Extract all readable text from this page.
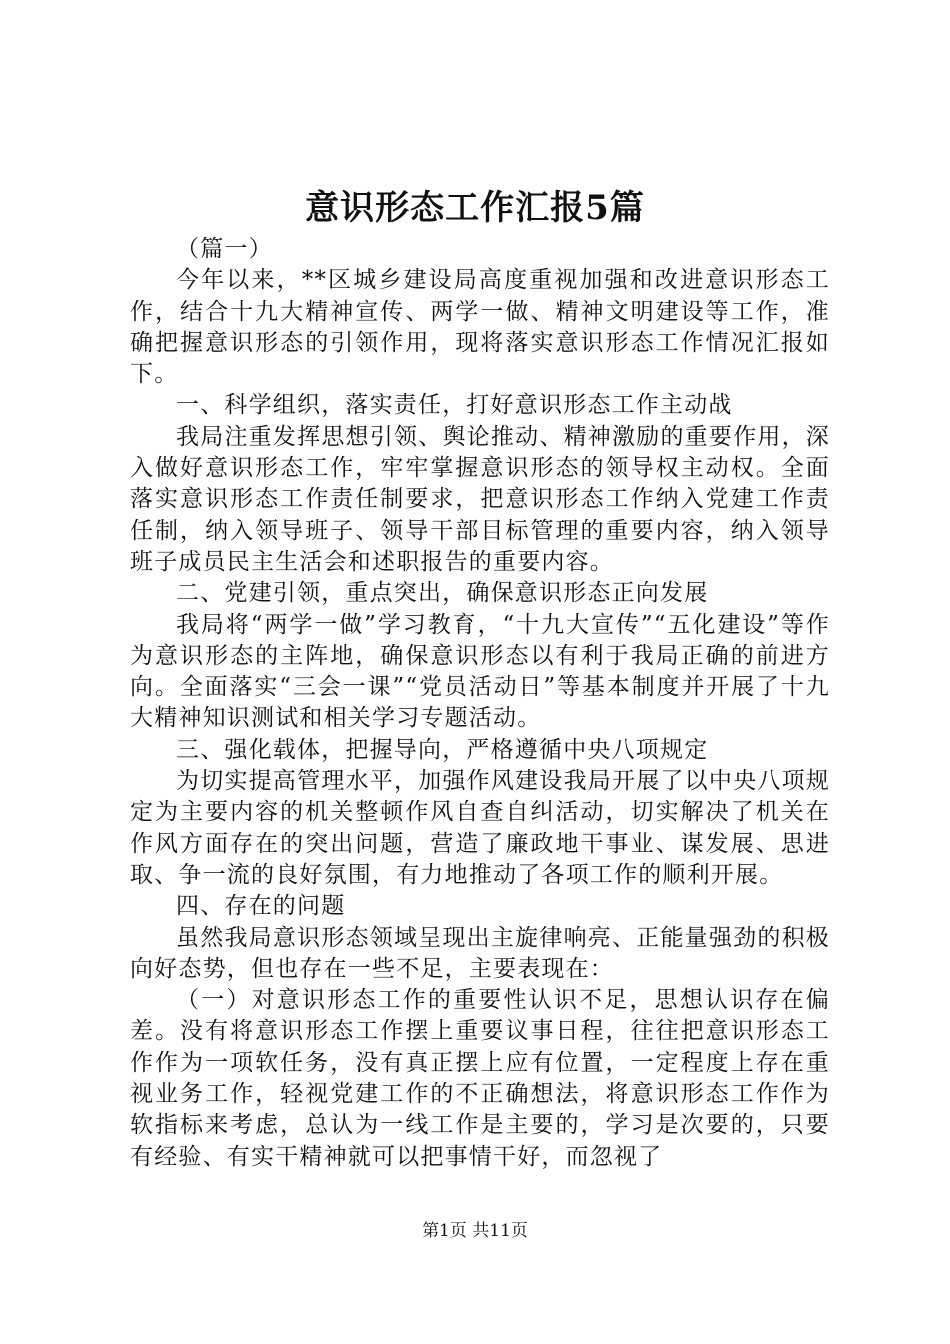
意识形态工作汇报5篇

（篇一）

今年以来，**区城乡建设局高度重视加强和改进意识形态工作，结合十九大精神宣传、两学一做、精神文明建设等工作，准确把握意识形态的引领作用，现将落实意识形态工作情况汇报如下。

一、科学组织，落实责任，打好意识形态工作主动战

我局注重发挥思想引领、舆论推动、精神激励的重要作用，深入做好意识形态工作，牢牢掌握意识形态的领导权主动权。全面落实意识形态工作责任制要求，把意识形态工作纳入党建工作责任制，纳入领导班子、领导干部目标管理的重要内容，纳入领导班子成员民主生活会和述职报告的重要内容。

二、党建引领，重点突出，确保意识形态正向发展

我局将“两学一做”学习教育，“十九大宣传”“五化建设”等作为意识形态的主阵地，确保意识形态以有利于我局正确的前进方向。全面落实“三会一课”“党员活动日”等基本制度并开展了十九大精神知识测试和相关学习专题活动。

三、强化载体，把握导向，严格遵循中央八项规定

为切实提高管理水平，加强作风建设我局开展了以中央八项规定为主要内容的机关整顿作风自查自纠活动，切实解决了机关在作风方面存在的突出问题，营造了廉政地干事业、谋发展、思进取、争一流的良好氛围，有力地推动了各项工作的顺利开展。

四、存在的问题

虽然我局意识形态领域呈现出主旋律响亮、正能量强劲的积极向好态势，但也存在一些不足，主要表现在：

（一）对意识形态工作的重要性认识不足，思想认识存在偏差。没有将意识形态工作摆上重要议事日程，往往把意识形态工作作为一项软任务，没有真正摆上应有位置，一定程度上存在重视业务工作，轻视党建工作的不正确想法，将意识形态工作作为软指标来考虑，总认为一线工作是主要的，学习是次要的，只要有经验、有实干精神就可以把事情干好，而忽视了

第1页 共11页
